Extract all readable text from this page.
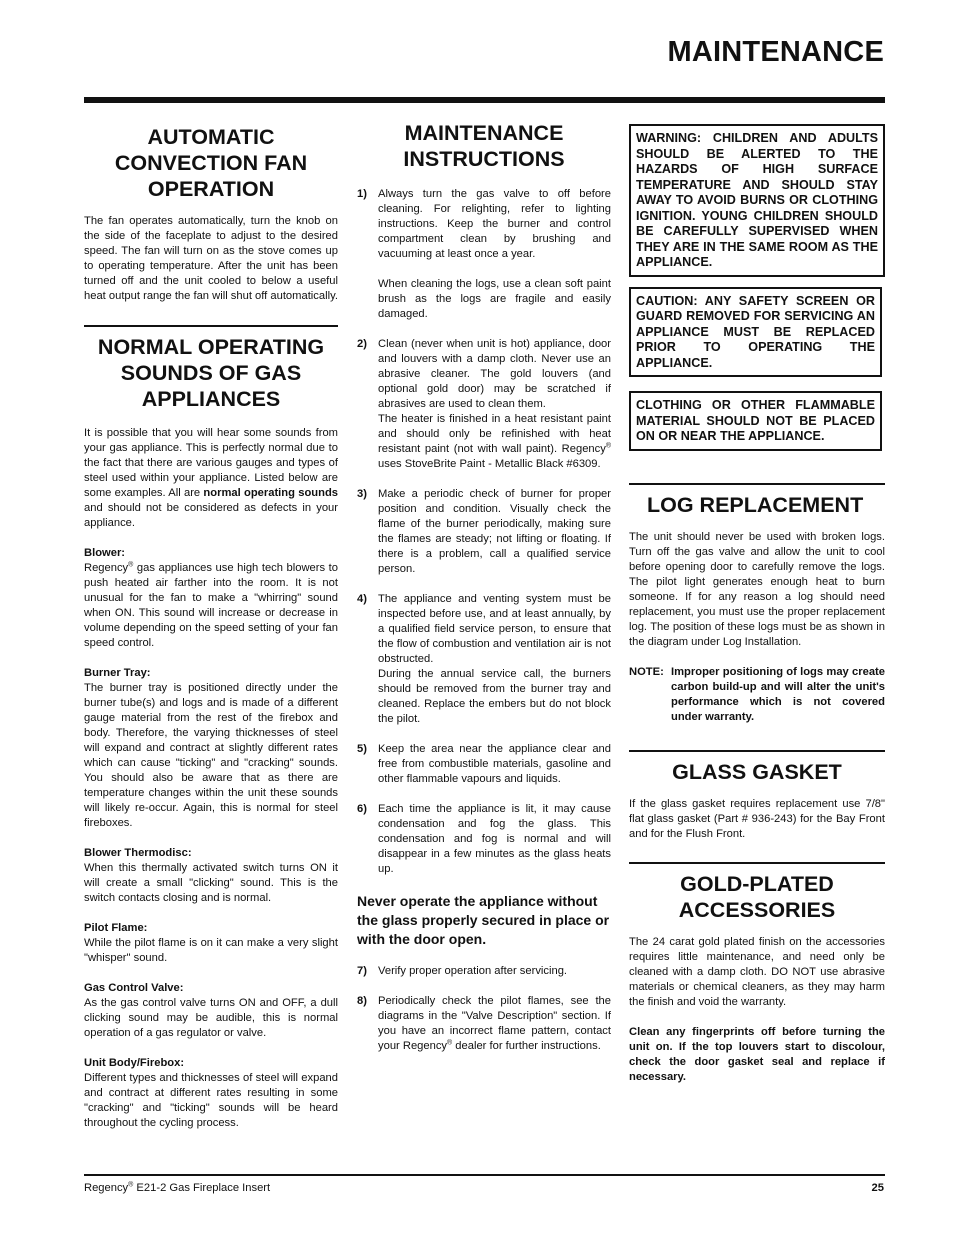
MAINTENANCE
AUTOMATIC CONVECTION FAN OPERATION

The fan operates automatically, turn the knob on the side of the faceplate to adjust to the desired speed. The fan will turn on as the stove comes up to operating temperature. After the unit has been turned off and the unit cooled to below a useful heat output range the fan will shut off automatically.

NORMAL OPERATING SOUNDS OF GAS APPLIANCES

It is possible that you will hear some sounds from your gas appliance. This is perfectly normal due to the fact that there are various gauges and types of steel used within your appliance. Listed below are some examples. All are normal operating sounds and should not be considered as defects in your appliance.

Blower:

Regency® gas appliances use high tech blowers to push heated air farther into the room. It is not unusual for the fan to make a "whirring" sound when ON. This sound will increase or decrease in volume depending on the speed setting of your fan speed control.

Burner Tray:

The burner tray is positioned directly under the burner tube(s) and logs and is made of a different gauge material from the rest of the firebox and body. Therefore, the varying thicknesses of steel will expand and contract at slightly different rates which can cause "ticking" and "cracking" sounds. You should also be aware that as there are temperature changes within the unit these sounds will likely re-occur. Again, this is normal for steel fireboxes.

Blower Thermodisc:

When this thermally activated switch turns ON it will create a small "clicking" sound. This is the switch contacts closing and is normal.

Pilot Flame:

While the pilot flame is on it can make a very slight "whisper" sound.

Gas Control Valve:

As the gas control valve turns ON and OFF, a dull clicking sound may be audible, this is normal operation of a gas regulator or valve.

Unit Body/Firebox:

Different types and thicknesses of steel will expand and contract at different rates resulting in some "cracking" and "ticking" sounds will be heard throughout the cycling process.

MAINTENANCE INSTRUCTIONS
1) Always turn the gas valve to off before cleaning. For relighting, refer to lighting instructions. Keep the burner and control compartment clean by brushing and vacuuming at least once a year.

When cleaning the logs, use a clean soft paint brush as the logs are fragile and easily damaged.

2) Clean (never when unit is hot) appliance, door and louvers with a damp cloth. Never use an abrasive cleaner. The gold louvers (and optional gold door) may be scratched if abrasives are used to clean them.

The heater is finished in a heat resistant paint and should only be refinished with heat resistant paint (not with wall paint). Regency® uses StoveBrite Paint - Metallic Black #6309.

3) Make a periodic check of burner for proper position and condition. Visually check the flame of the burner periodically, making sure the flames are steady; not lifting or floating. If there is a problem, call a qualified service person.
4) The appliance and venting system must be inspected before use, and at least annually, by a qualified field service person, to ensure that the flow of combustion and ventilation air is not obstructed.

During the annual service call, the burners should be removed from the burner tray and cleaned. Replace the embers but do not block the pilot.

5) Keep the area near the appliance clear and free from combustible materials, gasoline and other flammable vapours and liquids.
6) Each time the appliance is lit, it may cause condensation and fog the glass. This condensation and fog is normal and will disappear in a few minutes as the glass heats up.

Never operate the appliance without the glass properly secured in place or with the door open.

7) Verify proper operation after servicing.
8) Periodically check the pilot flames, see the diagrams in the "Valve Description" section. If you have an incorrect flame pattern, contact your Regency® dealer for further instructions.
WARNING: CHILDREN AND ADULTS SHOULD BE ALERTED TO THE HAZARDS OF HIGH SURFACE TEMPERATURE AND SHOULD STAY AWAY TO AVOID BURNS OR CLOTHING IGNITION. YOUNG CHILDREN SHOULD BE CAREFULLY SUPERVISED WHEN THEY ARE IN THE SAME ROOM AS THE APPLIANCE.
CAUTION: ANY SAFETY SCREEN OR GUARD REMOVED FOR SERVICING AN APPLIANCE MUST BE REPLACED PRIOR TO OPERATING THE APPLIANCE.
CLOTHING OR OTHER FLAMMABLE MATERIAL SHOULD NOT BE PLACED ON OR NEAR THE APPLIANCE.
LOG REPLACEMENT

The unit should never be used with broken logs. Turn off the gas valve and allow the unit to cool before opening door to carefully remove the logs. The pilot light generates enough heat to burn someone. If for any reason a log should need replacement, you must use the proper replacement log. The position of these logs must be as shown in the diagram under Log Installation.

NOTE: Improper positioning of logs may create carbon build-up and will alter the unit's performance which is not covered under warranty.
GLASS GASKET

If the glass gasket requires replacement use 7/8" flat glass gasket (Part # 936-243) for the Bay Front and for the Flush Front.

GOLD-PLATED ACCESSORIES

The 24 carat gold plated finish on the accessories requires little maintenance, and need only be cleaned with a damp cloth. DO NOT use abrasive materials or chemical cleaners, as they may harm the finish and void the warranty.

Clean any fingerprints off before turning the unit on. If the top louvers start to discolour, check the door gasket seal and replace if necessary.

Regency® E21-2 Gas Fireplace Insert	25
